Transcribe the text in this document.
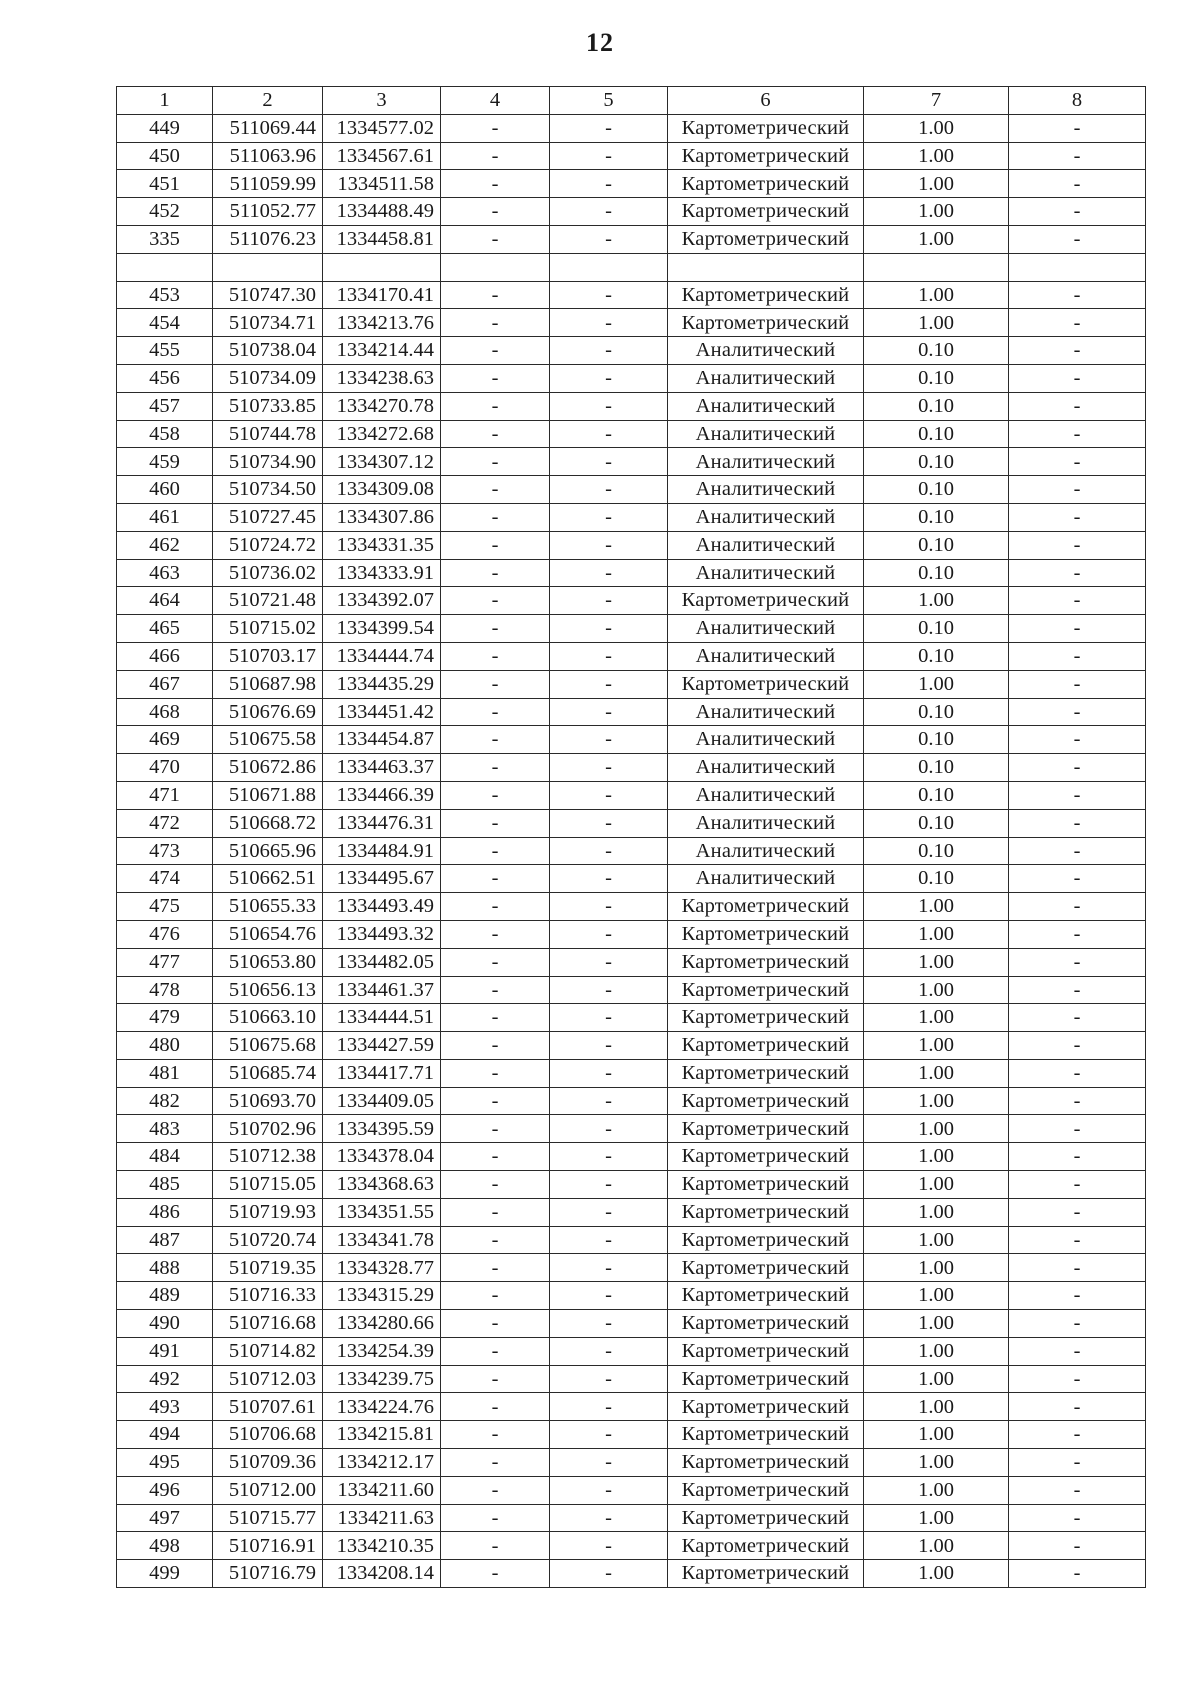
12
1	2	3	4	5	6	7	8
449	511069.44	1334577.02	-	-	Картометрический	1.00	-
450	511063.96	1334567.61	-	-	Картометрический	1.00	-
451	511059.99	1334511.58	-	-	Картометрический	1.00	-
452	511052.77	1334488.49	-	-	Картометрический	1.00	-
335	511076.23	1334458.81	-	-	Картометрический	1.00	-

453	510747.30	1334170.41	-	-	Картометрический	1.00	-
454	510734.71	1334213.76	-	-	Картометрический	1.00	-
455	510738.04	1334214.44	-	-	Аналитический	0.10	-
456	510734.09	1334238.63	-	-	Аналитический	0.10	-
457	510733.85	1334270.78	-	-	Аналитический	0.10	-
458	510744.78	1334272.68	-	-	Аналитический	0.10	-
459	510734.90	1334307.12	-	-	Аналитический	0.10	-
460	510734.50	1334309.08	-	-	Аналитический	0.10	-
461	510727.45	1334307.86	-	-	Аналитический	0.10	-
462	510724.72	1334331.35	-	-	Аналитический	0.10	-
463	510736.02	1334333.91	-	-	Аналитический	0.10	-
464	510721.48	1334392.07	-	-	Картометрический	1.00	-
465	510715.02	1334399.54	-	-	Аналитический	0.10	-
466	510703.17	1334444.74	-	-	Аналитический	0.10	-
467	510687.98	1334435.29	-	-	Картометрический	1.00	-
468	510676.69	1334451.42	-	-	Аналитический	0.10	-
469	510675.58	1334454.87	-	-	Аналитический	0.10	-
470	510672.86	1334463.37	-	-	Аналитический	0.10	-
471	510671.88	1334466.39	-	-	Аналитический	0.10	-
472	510668.72	1334476.31	-	-	Аналитический	0.10	-
473	510665.96	1334484.91	-	-	Аналитический	0.10	-
474	510662.51	1334495.67	-	-	Аналитический	0.10	-
475	510655.33	1334493.49	-	-	Картометрический	1.00	-
476	510654.76	1334493.32	-	-	Картометрический	1.00	-
477	510653.80	1334482.05	-	-	Картометрический	1.00	-
478	510656.13	1334461.37	-	-	Картометрический	1.00	-
479	510663.10	1334444.51	-	-	Картометрический	1.00	-
480	510675.68	1334427.59	-	-	Картометрический	1.00	-
481	510685.74	1334417.71	-	-	Картометрический	1.00	-
482	510693.70	1334409.05	-	-	Картометрический	1.00	-
483	510702.96	1334395.59	-	-	Картометрический	1.00	-
484	510712.38	1334378.04	-	-	Картометрический	1.00	-
485	510715.05	1334368.63	-	-	Картометрический	1.00	-
486	510719.93	1334351.55	-	-	Картометрический	1.00	-
487	510720.74	1334341.78	-	-	Картометрический	1.00	-
488	510719.35	1334328.77	-	-	Картометрический	1.00	-
489	510716.33	1334315.29	-	-	Картометрический	1.00	-
490	510716.68	1334280.66	-	-	Картометрический	1.00	-
491	510714.82	1334254.39	-	-	Картометрический	1.00	-
492	510712.03	1334239.75	-	-	Картометрический	1.00	-
493	510707.61	1334224.76	-	-	Картометрический	1.00	-
494	510706.68	1334215.81	-	-	Картометрический	1.00	-
495	510709.36	1334212.17	-	-	Картометрический	1.00	-
496	510712.00	1334211.60	-	-	Картометрический	1.00	-
497	510715.77	1334211.63	-	-	Картометрический	1.00	-
498	510716.91	1334210.35	-	-	Картометрический	1.00	-
499	510716.79	1334208.14	-	-	Картометрический	1.00	-
